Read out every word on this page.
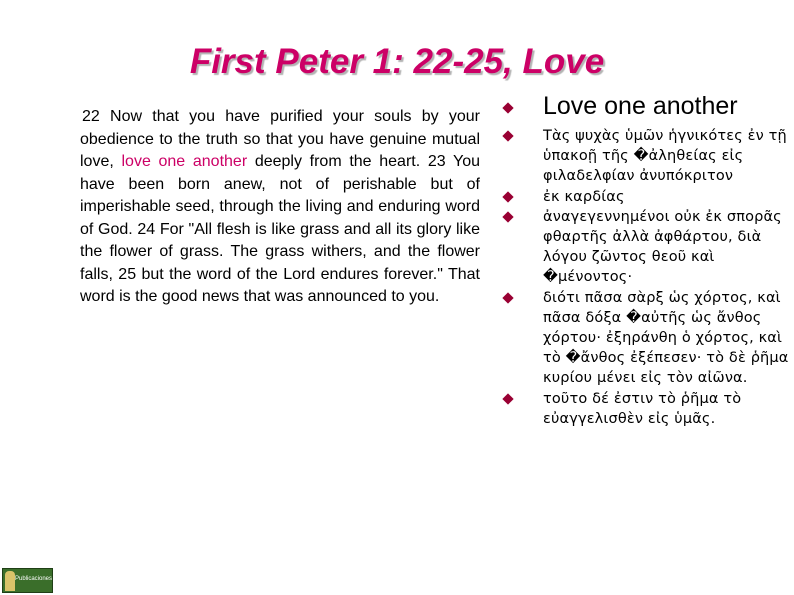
First Peter 1: 22-25, Love

22 Now that you have purified your souls by your obedience to the truth so that you have genuine mutual love, love one another deeply from the heart. 23 You have been born anew, not of perishable but of imperishable seed, through the living and enduring word of God. 24 For "All flesh is like grass and all its glory like the flower of grass. The grass withers, and the flower falls, 25 but the word of the Lord endures forever." That word is the good news that was announced to you.

Love one another
Τὰς ψυχὰς ὑμῶν ἡγνικότες ἐν τῇ ὑπακοῇ τῆς �ἀληθείας εἰς φιλαδελφίαν ἀνυπόκριτον
ἐκ καρδίας
ἀναγεγεννημένοι οὐκ ἐκ σπορᾶς φθαρτῆς ἀλλὰ ἀφθάρτου, διὰ λόγου ζῶντος θεοῦ καὶ �μένοντος·
διότι πᾶσα σὰρξ ὡς χόρτος, καὶ πᾶσα δόξα �αὐτῆς ὡς ἄνθος χόρτου· ἐξηράνθη ὁ χόρτος, καὶ τὸ �ἄνθος ἐξέπεσεν· τὸ δὲ ῥῆμα κυρίου μένει εἰς τὸν αἰῶνα.
τοῦτο δέ ἐστιν τὸ ῥῆμα τὸ εὐαγγελισθὲν εἰς ὑμᾶς.
Publicaciones
